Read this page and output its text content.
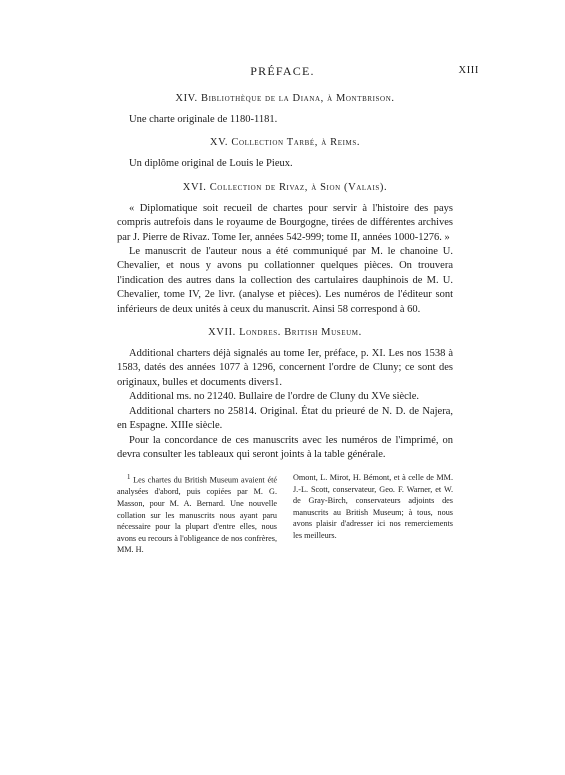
PRÉFACE.	XIII
XIV. Bibliothèque de la Diana, à Montbrison.

Une charte originale de 1180-1181.

XV. Collection Tarbé, à Reims.

Un diplôme original de Louis le Pieux.

XVI. Collection de Rivaz, à Sion (Valais).

« Diplomatique soit recueil de chartes pour servir à l'histoire des pays compris autrefois dans le royaume de Bourgogne, tirées de différentes archives par J. Pierre de Rivaz. Tome Ier, années 542-999; tome II, années 1000-1276. »

Le manuscrit de l'auteur nous a été communiqué par M. le chanoine U. Chevalier, et nous y avons pu collationner quelques pièces. On trouvera l'indication des autres dans la collection des cartulaires dauphinois de M. U. Chevalier, tome IV, 2e livr. (analyse et pièces). Les numéros de l'éditeur sont inférieurs de deux unités à ceux du manuscrit. Ainsi 58 correspond à 60.

XVII. Londres. British Museum.

Additional charters déjà signalés au tome Ier, préface, p. XI. Les nos 1538 à 1583, datés des années 1077 à 1296, concernent l'ordre de Cluny; ce sont des originaux, bulles et documents divers1.

Additional ms. no 21240. Bullaire de l'ordre de Cluny du XVe siècle.

Additional charters no 25814. Original. État du prieuré de N. D. de Najera, en Espagne. XIIIe siècle.

Pour la concordance de ces manuscrits avec les numéros de l'imprimé, on devra consulter les tableaux qui seront joints à la table générale.

$^1$ Les chartes du British Museum avaient été analysées d'abord, puis copiées par M. G. Masson, pour M. A. Bernard. Une nouvelle collation sur les manuscrits nous ayant paru nécessaire pour la plupart d'entre elles, nous avons eu recours à l'obligeance de nos confrères, MM. H.

Omont, L. Mirot, H. Bémont, et à celle de MM. J.-L. Scott, conservateur, Geo. F. Warner, et W. de Gray-Birch, conservateurs adjoints des manuscrits au British Museum; à tous, nous avons plaisir d'adresser ici nos remerciements les meilleurs.
